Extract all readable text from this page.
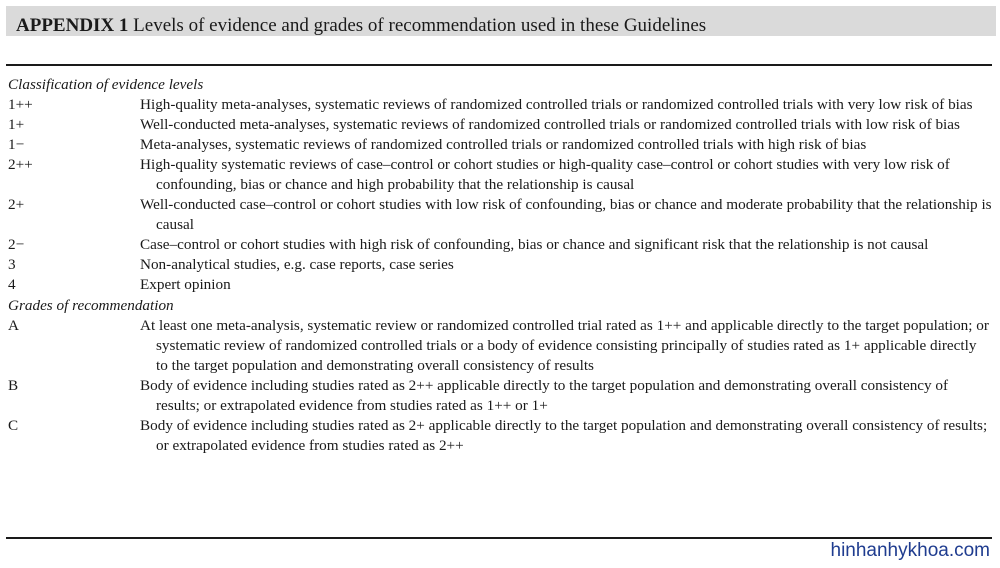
APPENDIX 1 Levels of evidence and grades of recommendation used in these Guidelines
Classification of evidence levels
1++	High-quality meta-analyses, systematic reviews of randomized controlled trials or randomized controlled trials with very low risk of bias
1+	Well-conducted meta-analyses, systematic reviews of randomized controlled trials or randomized controlled trials with low risk of bias
1−	Meta-analyses, systematic reviews of randomized controlled trials or randomized controlled trials with high risk of bias
2++	High-quality systematic reviews of case–control or cohort studies or high-quality case–control or cohort studies with very low risk of confounding, bias or chance and high probability that the relationship is causal
2+	Well-conducted case–control or cohort studies with low risk of confounding, bias or chance and moderate probability that the relationship is causal
2−	Case–control or cohort studies with high risk of confounding, bias or chance and significant risk that the relationship is not causal
3	Non-analytical studies, e.g. case reports, case series
4	Expert opinion
Grades of recommendation
A	At least one meta-analysis, systematic review or randomized controlled trial rated as 1++ and applicable directly to the target population; or systematic review of randomized controlled trials or a body of evidence consisting principally of studies rated as 1+ applicable directly to the target population and demonstrating overall consistency of results
B	Body of evidence including studies rated as 2++ applicable directly to the target population and demonstrating overall consistency of results; or extrapolated evidence from studies rated as 1++ or 1+
C	Body of evidence including studies rated as 2+ applicable directly to the target population and demonstrating overall consistency of results; or extrapolated evidence from studies rated as 2++
hinhanhykhoa.com
